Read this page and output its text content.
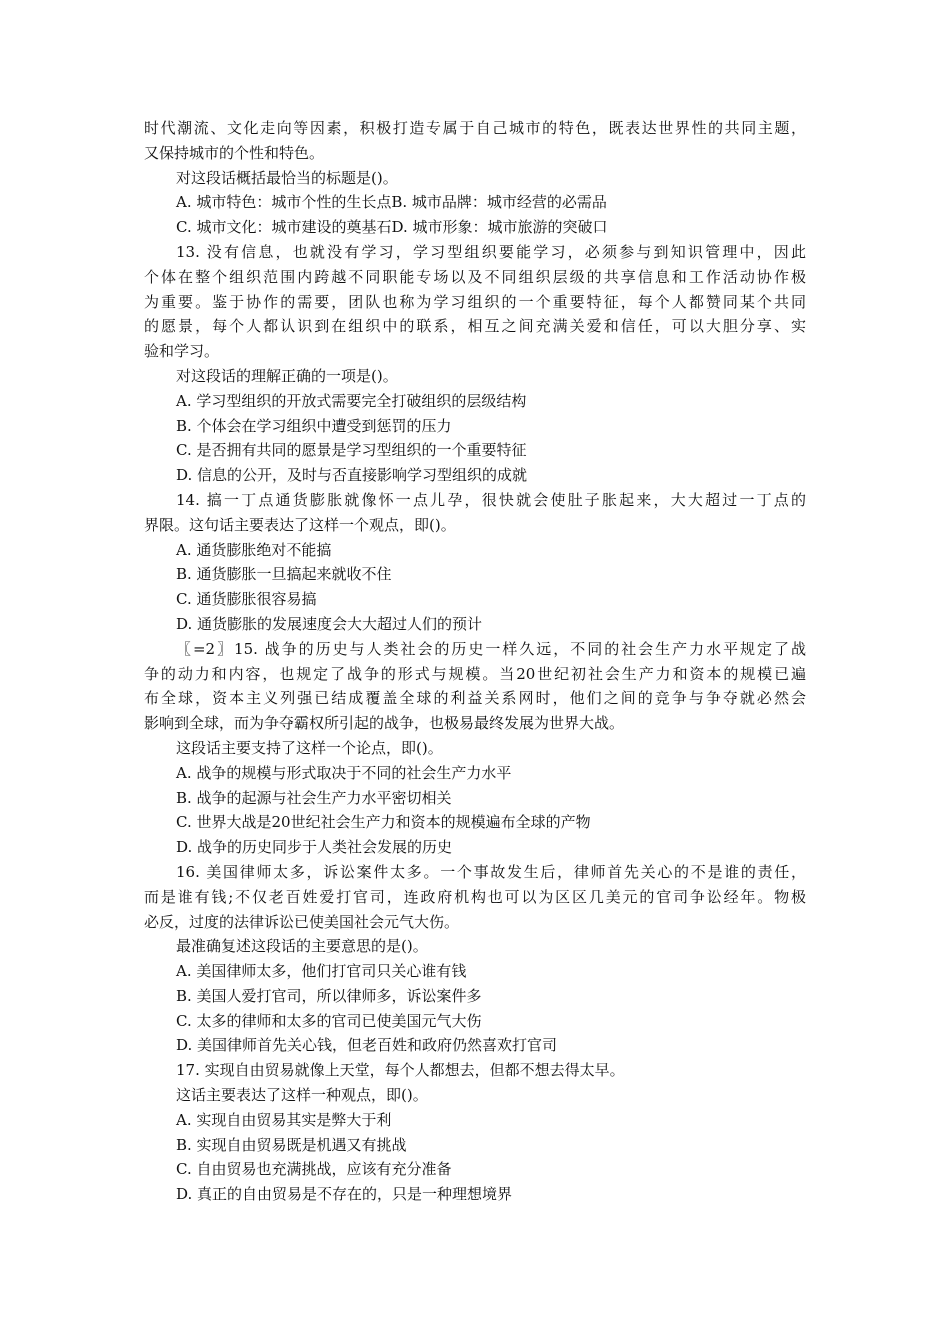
时代潮流、文化走向等因素，积极打造专属于自己城市的特色，既表达世界性的共同主题，
又保持城市的个性和特色。
对这段话概括最恰当的标题是()。
A. 城市特色：城市个性的生长点B. 城市品牌：城市经营的必需品
C. 城市文化：城市建设的奠基石D. 城市形象：城市旅游的突破口
13. 没有信息，也就没有学习，学习型组织要能学习，必须参与到知识管理中，因此
个体在整个组织范围内跨越不同职能专场以及不同组织层级的共享信息和工作活动协作极
为重要。鉴于协作的需要，团队也称为学习组织的一个重要特征，每个人都赞同某个共同
的愿景，每个人都认识到在组织中的联系，相互之间充满关爱和信任，可以大胆分享、实
验和学习。
对这段话的理解正确的一项是()。
A. 学习型组织的开放式需要完全打破组织的层级结构
B. 个体会在学习组织中遭受到惩罚的压力
C. 是否拥有共同的愿景是学习型组织的一个重要特征
D. 信息的公开，及时与否直接影响学习型组织的成就
14. 搞一丁点通货膨胀就像怀一点儿孕，很快就会使肚子胀起来，大大超过一丁点的
界限。这句话主要表达了这样一个观点，即()。
A. 通货膨胀绝对不能搞
B. 通货膨胀一旦搞起来就收不住
C. 通货膨胀很容易搞
D. 通货膨胀的发展速度会大大超过人们的预计
〖=2〗15. 战争的历史与人类社会的历史一样久远，不同的社会生产力水平规定了战
争的动力和内容，也规定了战争的形式与规模。当20世纪初社会生产力和资本的规模已遍
布全球，资本主义列强已结成覆盖全球的利益关系网时，他们之间的竞争与争夺就必然会
影响到全球，而为争夺霸权所引起的战争，也极易最终发展为世界大战。
这段话主要支持了这样一个论点，即()。
A. 战争的规模与形式取决于不同的社会生产力水平
B. 战争的起源与社会生产力水平密切相关
C. 世界大战是20世纪社会生产力和资本的规模遍布全球的产物
D. 战争的历史同步于人类社会发展的历史
16. 美国律师太多，诉讼案件太多。一个事故发生后，律师首先关心的不是谁的责任，
而是谁有钱;不仅老百姓爱打官司，连政府机构也可以为区区几美元的官司争讼经年。物极
必反，过度的法律诉讼已使美国社会元气大伤。
最准确复述这段话的主要意思的是()。
A. 美国律师太多，他们打官司只关心谁有钱
B. 美国人爱打官司，所以律师多，诉讼案件多
C. 太多的律师和太多的官司已使美国元气大伤
D. 美国律师首先关心钱，但老百姓和政府仍然喜欢打官司
17. 实现自由贸易就像上天堂，每个人都想去，但都不想去得太早。
这话主要表达了这样一种观点，即()。
A. 实现自由贸易其实是弊大于利
B. 实现自由贸易既是机遇又有挑战
C. 自由贸易也充满挑战，应该有充分准备
D. 真正的自由贸易是不存在的，只是一种理想境界
